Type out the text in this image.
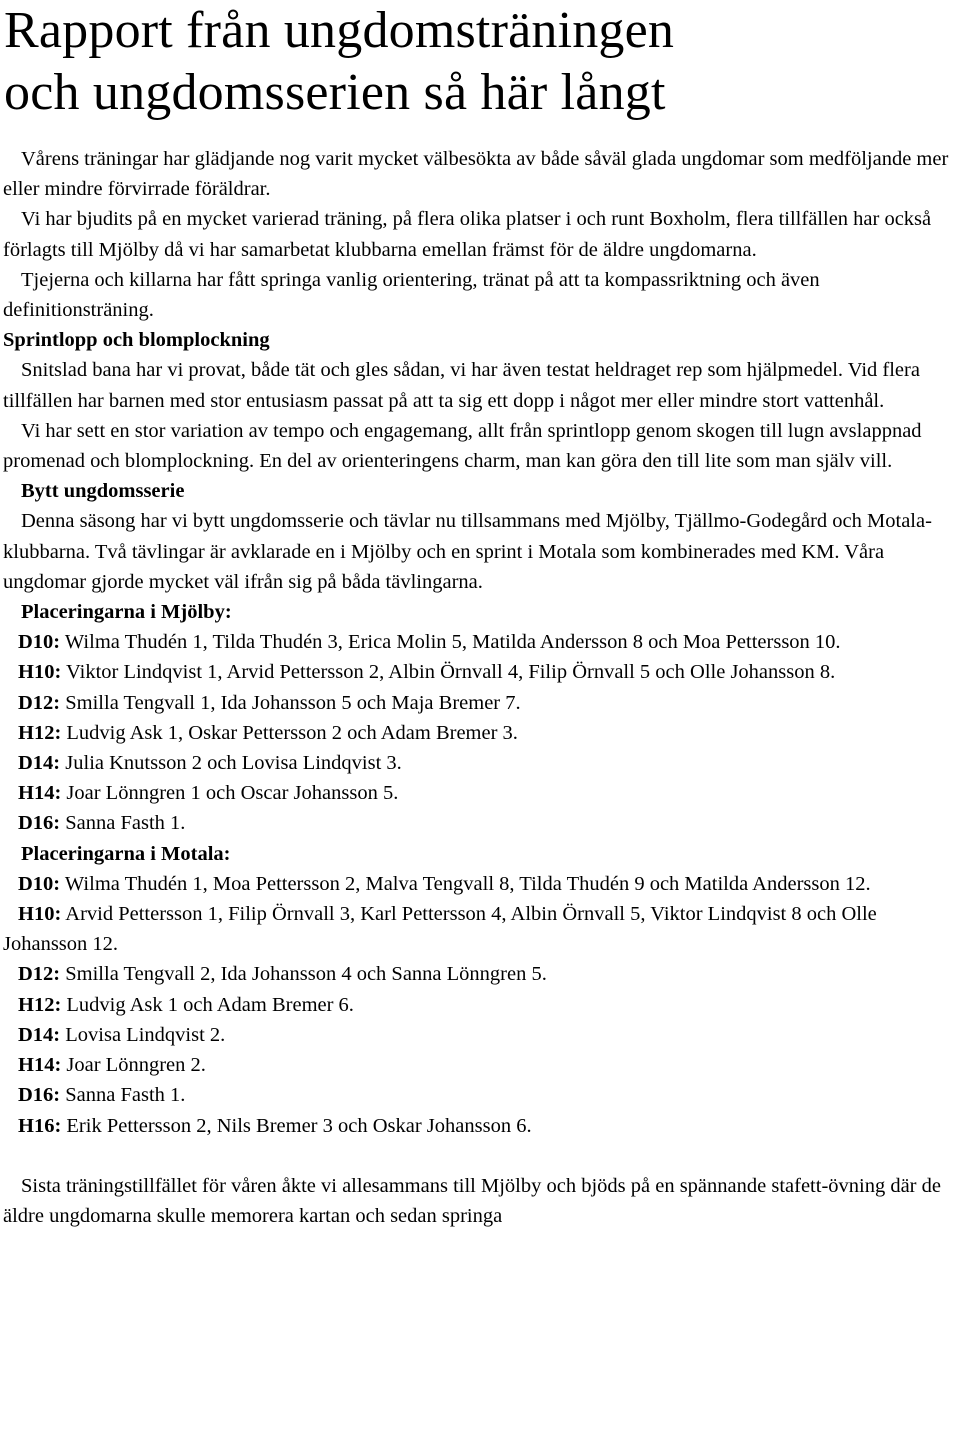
Rapport från ungdomsträningen
och ungdomsserien så här långt

Vårens träningar har glädjande nog varit mycket välbesökta av både såväl glada ungdomar som medföljande mer eller mindre förvirrade föräldrar.

Vi har bjudits på en mycket varierad träning, på flera olika platser i och runt Boxholm, flera tillfällen har också förlagts till Mjölby då vi har samarbetat klubbarna emellan främst för de äldre ungdomarna.

Tjejerna och killarna har fått springa vanlig orientering, tränat på att ta kompassriktning och även definitionsträning.

Sprintlopp och blomplockning

Snitslad bana har vi provat, både tät och gles sådan, vi har även testat heldraget rep som hjälpmedel. Vid flera tillfällen har barnen med stor entusiasm passat på att ta sig ett dopp i något mer eller mindre stort vattenhål.

Vi har sett en stor variation av tempo och engagemang, allt från sprintlopp genom skogen till lugn avslappnad promenad och blomplockning. En del av orienteringens charm, man kan göra den till lite som man själv vill.

Bytt ungdomsserie

Denna säsong har vi bytt ungdomsserie och tävlar nu tillsammans med Mjölby, Tjällmo-Godegård och Motala-klubbarna. Två tävlingar är avklarade en i Mjölby och en sprint i Motala som kombinerades med KM. Våra ungdomar gjorde mycket väl ifrån sig på båda tävlingarna.

Placeringarna i Mjölby:

D10: Wilma Thudén 1, Tilda Thudén 3, Erica Molin 5, Matilda Andersson 8 och Moa Pettersson 10.

H10: Viktor Lindqvist 1, Arvid Pettersson 2, Albin Örnvall 4, Filip Örnvall 5 och Olle Johansson 8.

D12: Smilla Tengvall 1, Ida Johansson 5 och Maja Bremer 7.

H12: Ludvig Ask 1, Oskar Pettersson 2 och Adam Bremer 3.

D14: Julia Knutsson 2 och Lovisa Lindqvist 3.

H14: Joar Lönngren 1 och Oscar Johansson 5.

D16: Sanna Fasth 1.

Placeringarna i Motala:

D10: Wilma Thudén 1, Moa Pettersson 2, Malva Tengvall 8, Tilda Thudén 9 och Matilda Andersson 12.

H10: Arvid Pettersson 1, Filip Örnvall 3, Karl Pettersson 4, Albin Örnvall 5, Viktor Lindqvist 8 och Olle Johansson 12.

D12: Smilla Tengvall 2, Ida Johansson 4 och Sanna Lönngren 5.

H12: Ludvig Ask 1 och Adam Bremer 6.

D14: Lovisa Lindqvist 2.

H14: Joar Lönngren 2.

D16: Sanna Fasth 1.

H16: Erik Pettersson 2, Nils Bremer 3 och Oskar Johansson 6.

Sista träningstillfället för våren åkte vi allesammans till Mjölby och bjöds på en spännande stafett-övning där de äldre ungdomarna skulle memorera kartan och sedan springa
